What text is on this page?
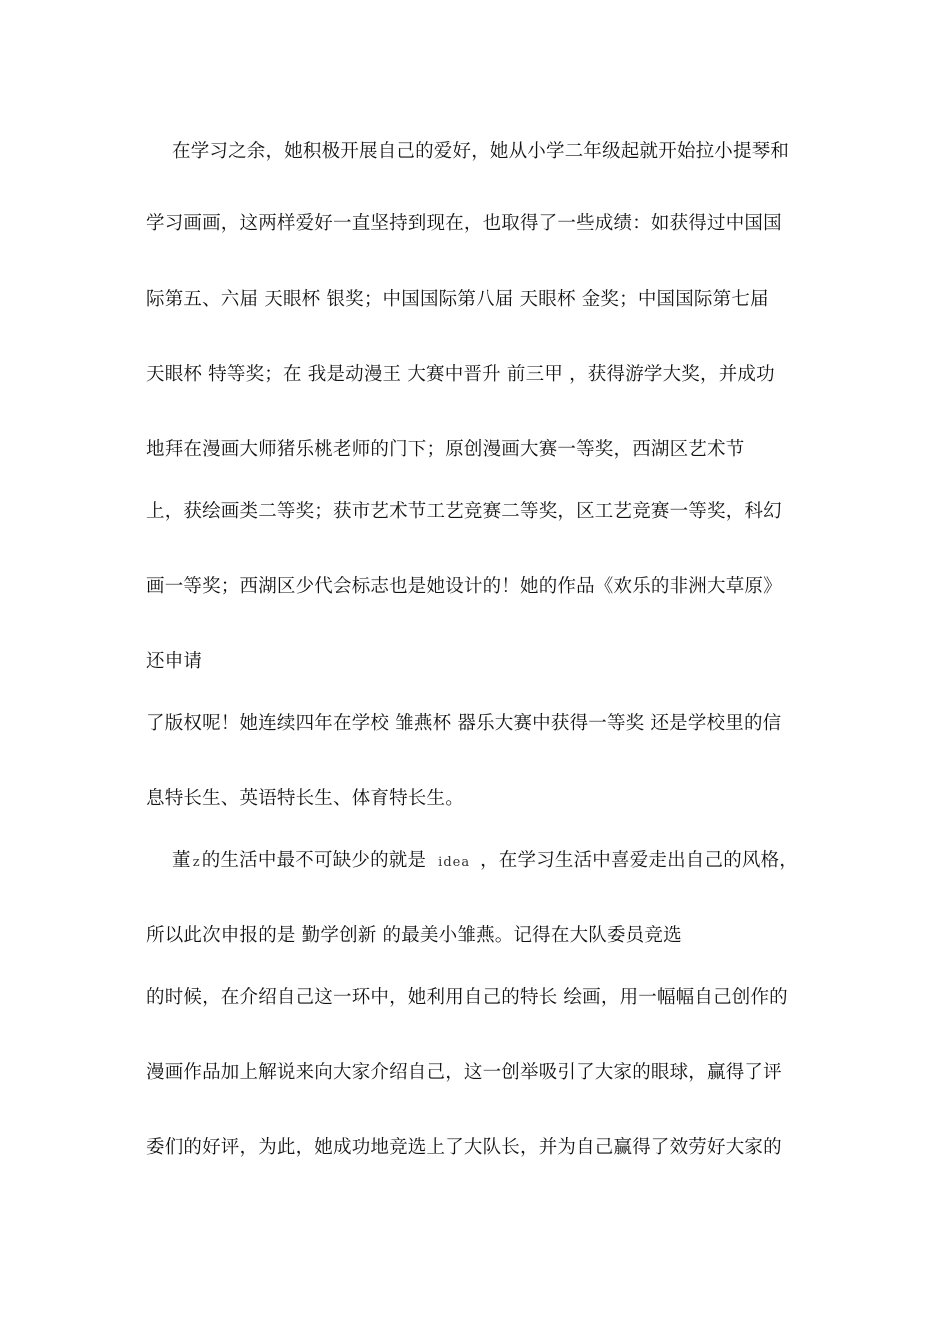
在学习之余，她积极开展自己的爱好，她从小学二年级起就开始拉小提琴和
学习画画，这两样爱好一直坚持到现在，也取得了一些成绩：如获得过中国国
际第五、六届 天眼杯 银奖；中国国际第八届 天眼杯 金奖；中国国际第七届
天眼杯 特等奖；在 我是动漫王 大赛中晋升 前三甲 ，获得游学大奖，并成功
地拜在漫画大师猪乐桃老师的门下；原创漫画大赛一等奖，西湖区艺术节
上，获绘画类二等奖；获市艺术节工艺竞赛二等奖，区工艺竞赛一等奖，科幻
画一等奖；西湖区少代会标志也是她设计的！她的作品《欢乐的非洲大草原》
还申请
了版权呢！她连续四年在学校 雏燕杯 器乐大赛中获得一等奖 还是学校里的信
息特长生、英语特长生、体育特长生。
董 z 的生活中最不可缺少的就是 idea ，在学习生活中喜爱走出自己的风格，
所以此次申报的是 勤学创新 的最美小雏燕。记得在大队委员竞选
的时候，在介绍自己这一环中，她利用自己的特长 绘画，用一幅幅自己创作的
漫画作品加上解说来向大家介绍自己，这一创举吸引了大家的眼球，赢得了评
委们的好评，为此，她成功地竞选上了大队长，并为自己赢得了效劳好大家的
